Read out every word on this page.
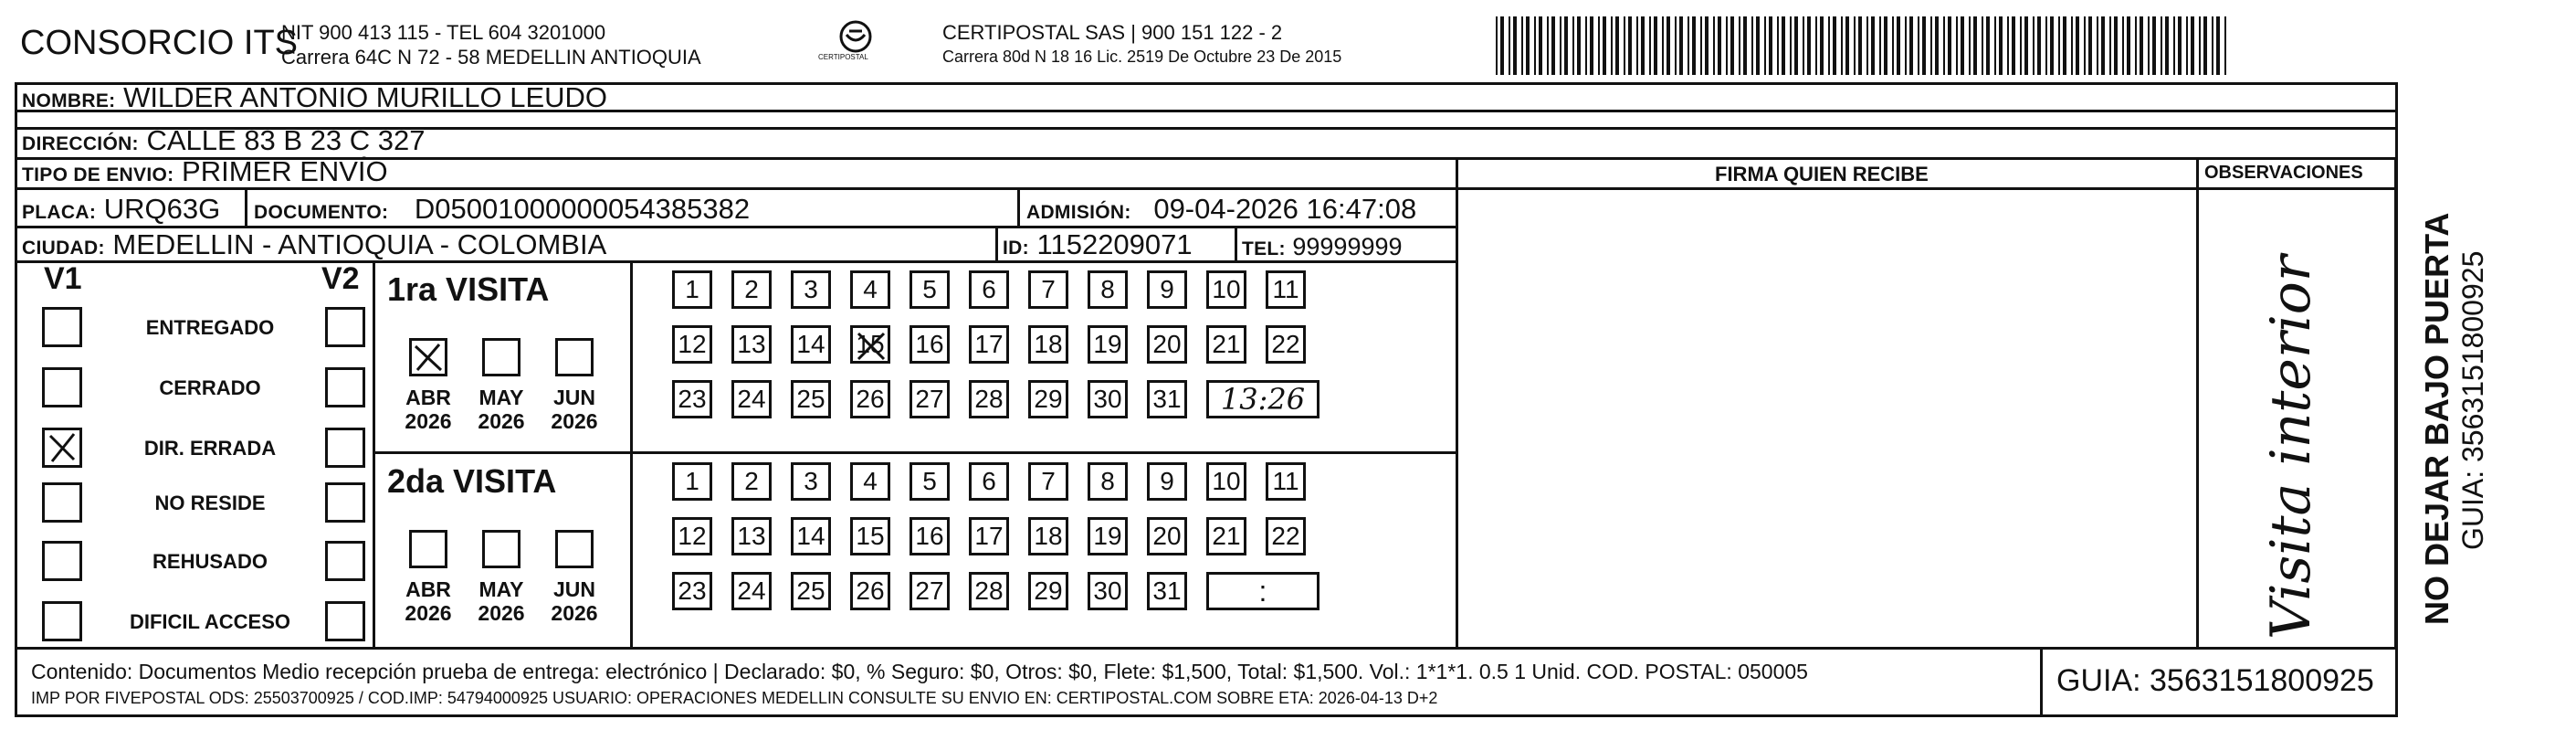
CONSORCIO ITS
NIT 900 413 115 - TEL 604 3201000
Carrera 64C N 72 - 58 MEDELLIN ANTIOQUIA	CERTIPOSTAL
CERTIPOSTAL SAS | 900 151 122 - 2
Carrera 80d N 18 16 Lic. 2519 De Octubre 23 De 2015
NOMBRE: WILDER ANTONIO MURILLO LEUDO
DIRECCIÓN: CALLE 83 B 23 C 327
TIPO DE ENVIO: PRIMER ENVÍO
PLACA: URQ63G DOCUMENTO: D05001000000054385382	ADMISIÓN: 09-04-2026 16:47:08
CIUDAD: MEDELLIN - ANTIOQUIA - COLOMBIA	ID: 1152209071	TEL: 99999999
V1	V2
ENTREGADO
CERRADO
DIR. ERRADA
NO RESIDE
REHUSADO
DIFICIL ACCESO
1ra VISITA
ABR
2026
MAY
2026
JUN
2026
1 2 3 4 5 6 7 8 9 10 11
12 13 14 15 16 17 18 19 20 21 22
23 24 25 26 27 28 29 30 31 13:26
2da VISITA
ABR
2026
MAY
2026
JUN
2026
1 2 3 4 5 6 7 8 9 10 11
12 13 14 15 16 17 18 19 20 21 22
23 24 25 26 27 28 29 30 31	:
FIRMA QUIEN RECIBE	OBSERVACIONES
Visita interior	NO DEJAR BAJO PUERTA GUIA: 3563151800925
Contenido: Documentos Medio recepción prueba de entrega: electrónico | Declarado: $0, % Seguro: $0, Otros: $0, Flete: $1,500, Total: $1,500. Vol.: 1*1*1. 0.5 1 Unid. COD. POSTAL: 050005
IMP POR FIVEPOSTAL ODS: 25503700925 / COD.IMP: 54794000925 USUARIO: OPERACIONES MEDELLIN CONSULTE SU ENVIO EN: CERTIPOSTAL.COM SOBRE ETA: 2026-04-13 D+2	GUIA: 3563151800925
